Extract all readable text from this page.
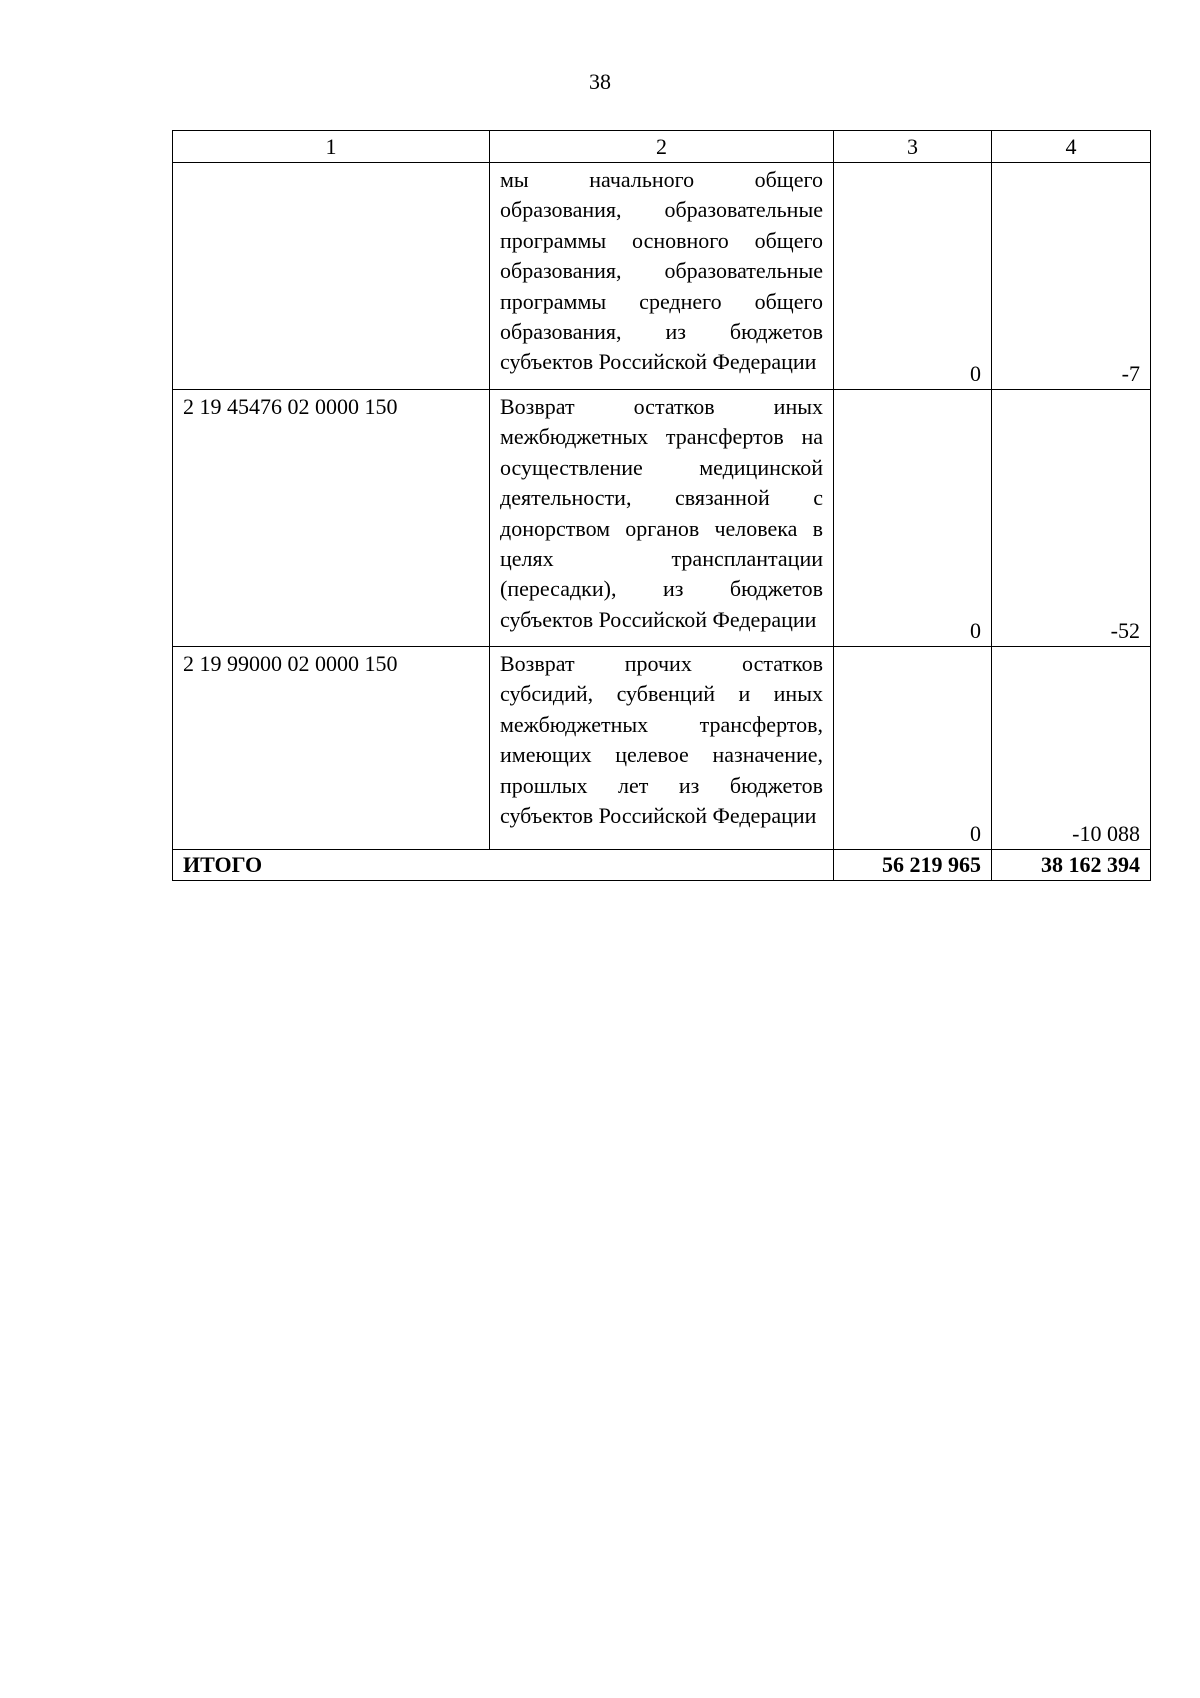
38
1	2	3	4
	мы начального общего образования, образовательные программы основного общего образования, образовательные программы среднего общего образования, из бюджетов субъектов Российской Федерации	0	-7
2 19 45476 02 0000 150	Возврат остатков иных межбюджетных трансфертов на осуществление медицинской деятельности, связанной с донорством органов человека в целях трансплантации (пересадки), из бюджетов субъектов Российской Федерации	0	-52
2 19 99000 02 0000 150	Возврат прочих остатков субсидий, субвенций и иных межбюджетных трансфертов, имеющих целевое назначение, прошлых лет из бюджетов субъектов Российской Федерации	0	-10 088
ИТОГО		56 219 965	38 162 394
